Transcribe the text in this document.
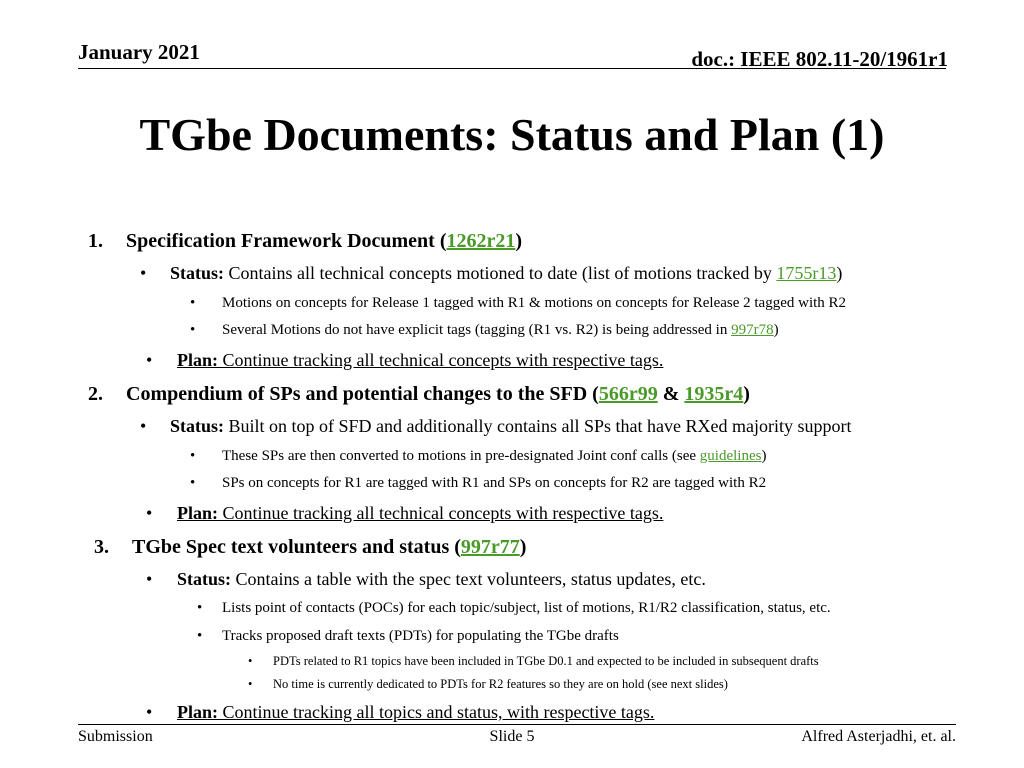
January 2021	doc.: IEEE 802.11-20/1961r1
TGbe Documents: Status and Plan (1)
1. Specification Framework Document (1262r21)
• Status: Contains all technical concepts motioned to date (list of motions tracked by 1755r13)
• Motions on concepts for Release 1 tagged with R1 & motions on concepts for Release 2 tagged with R2
• Several Motions do not have explicit tags (tagging (R1 vs. R2) is being addressed in 997r78)
• Plan: Continue tracking all technical concepts with respective tags.
2. Compendium of SPs and potential changes to the SFD (566r99 & 1935r4)
• Status: Built on top of SFD and additionally contains all SPs that have RXed majority support
• These SPs are then converted to motions in pre-designated Joint conf calls (see guidelines)
• SPs on concepts for R1 are tagged with R1 and SPs on concepts for R2 are tagged with R2
• Plan: Continue tracking all technical concepts with respective tags.
3. TGbe Spec text volunteers and status (997r77)
• Status: Contains a table with the spec text volunteers, status updates, etc.
• Lists point of contacts (POCs) for each topic/subject, list of motions, R1/R2 classification, status, etc.
• Tracks proposed draft texts (PDTs) for populating the TGbe drafts
• PDTs related to R1 topics have been included in TGbe D0.1 and expected to be included in subsequent drafts
• No time is currently dedicated to PDTs for R2 features so they are on hold (see next slides)
• Plan: Continue tracking all topics and status, with respective tags.
Submission	Slide 5	Alfred Asterjadhi, et. al.
